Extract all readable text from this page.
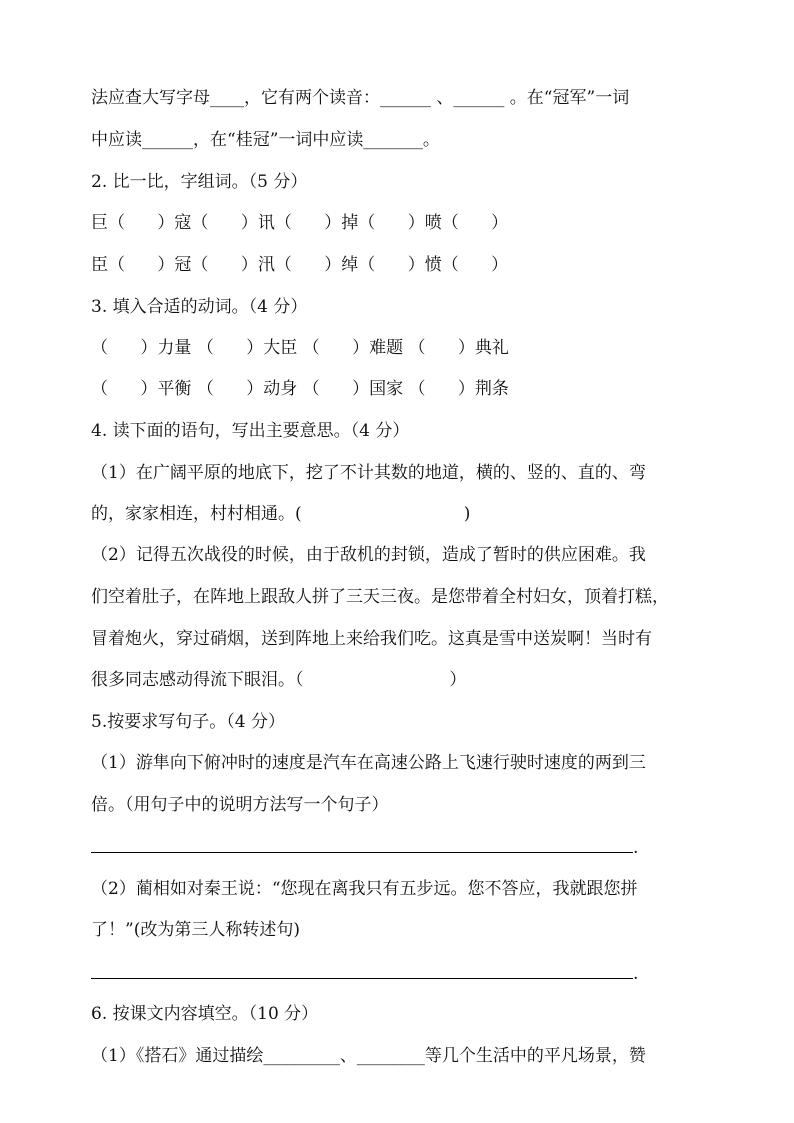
法应查大写字母____，它有两个读音：______ 、______ 。在“冠军”一词
中应读______，在“桂冠”一词中应读_______。
2. 比一比，字组词。（5 分）
巨（      ）寇（      ）讯（      ）掉（      ）喷（      ）
臣（      ）冠（      ）汛（      ）绰（      ）愤（      ）
3. 填入合适的动词。（4 分）
（      ）力量 （      ）大臣 （      ）难题 （      ）典礼
（      ）平衡 （      ）动身 （      ）国家 （      ）荆条
4. 读下面的语句，写出主要意思。（4 分）
（1）在广阔平原的地底下，挖了不计其数的地道，横的、竖的、直的、弯
的，家家相连，村村相通。(                              )
（2）记得五次战役的时候，由于敌机的封锁，造成了暂时的供应困难。我
们空着肚子，在阵地上跟敌人拼了三天三夜。是您带着全村妇女，顶着打糕，
冒着炮火，穿过硝烟，送到阵地上来给我们吃。这真是雪中送炭啊！当时有
很多同志感动得流下眼泪。（                           ）
5.按要求写句子。（4 分）
（1）游隼向下俯冲时的速度是汽车在高速公路上飞速行驶时速度的两到三
倍。（用句子中的说明方法写一个句子）
.
（2）蔺相如对秦王说：“您现在离我只有五步远。您不答应，我就跟您拼
了！”(改为第三人称转述句)
.
6. 按课文内容填空。（10 分）
（1）《搭石》通过描绘_________、________等几个生活中的平凡场景，赞
